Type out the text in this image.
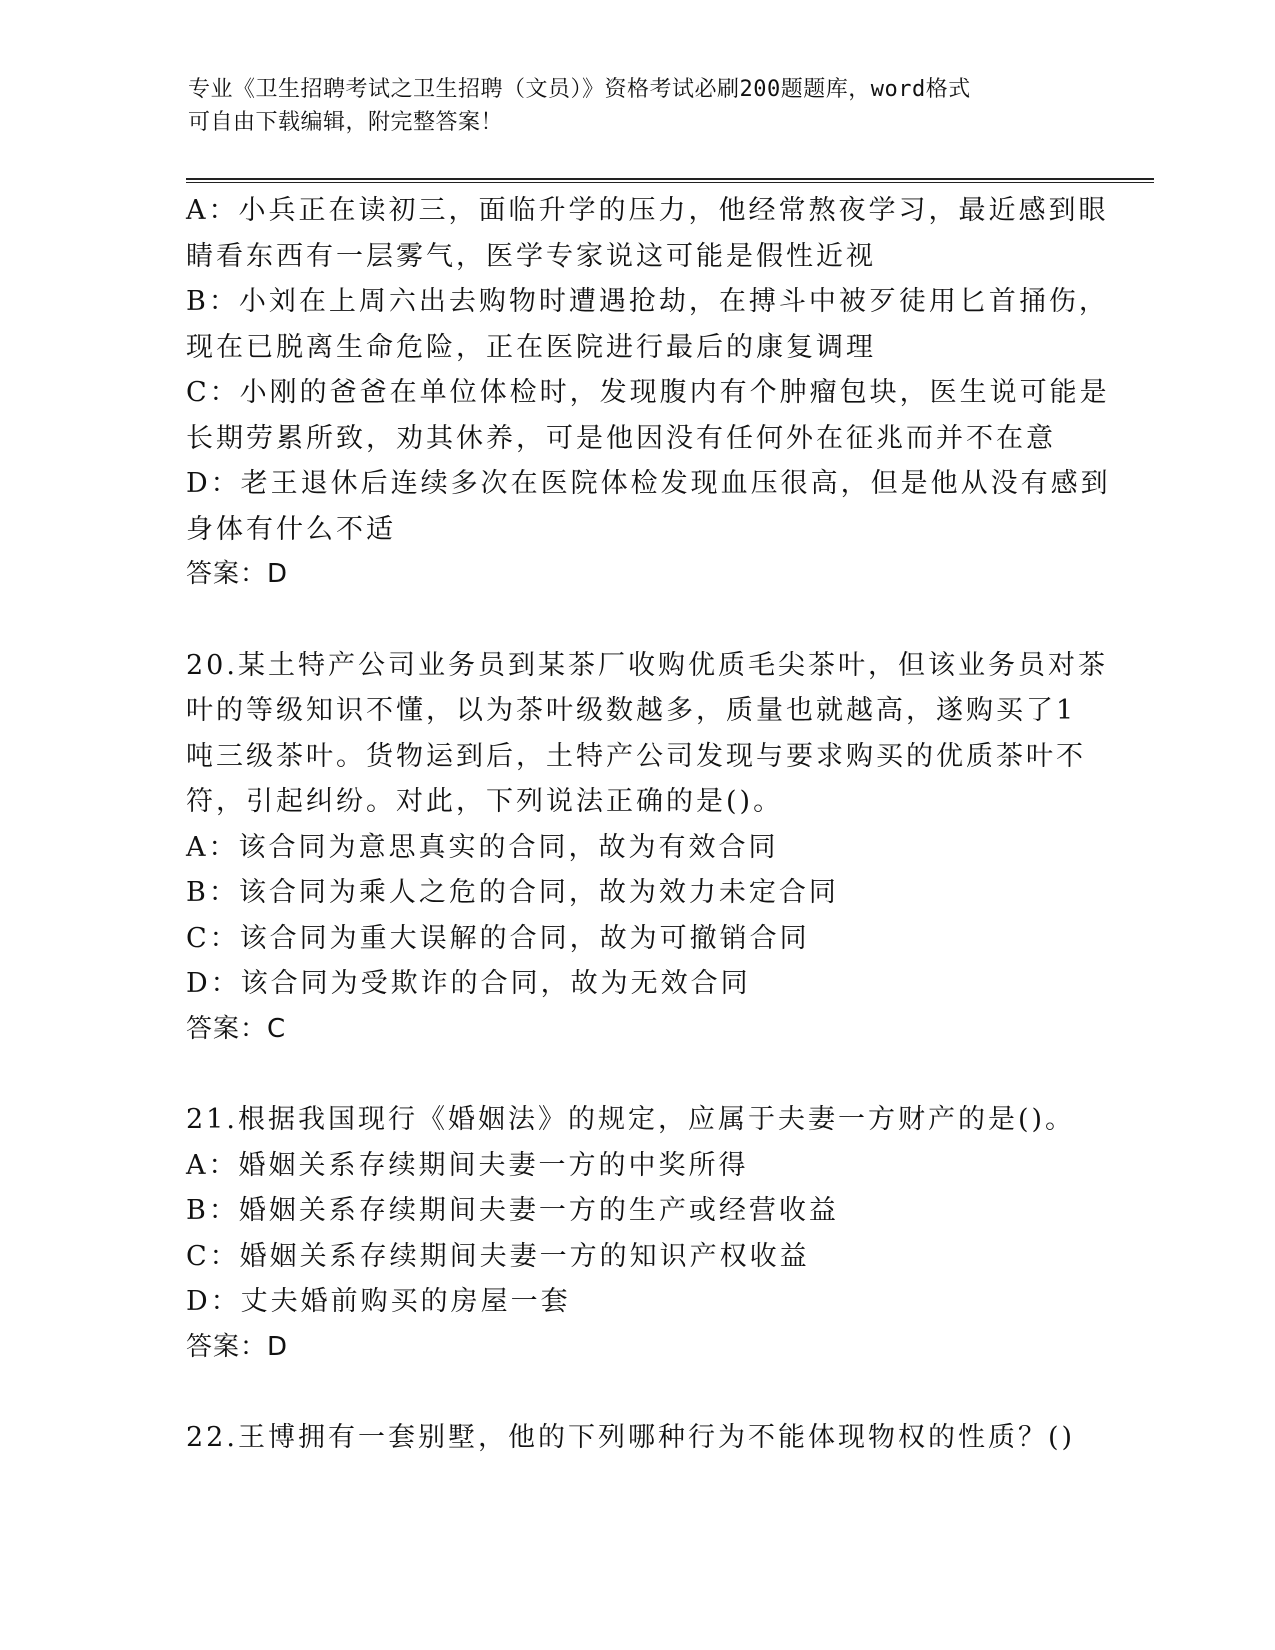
专业《卫生招聘考试之卫生招聘（文员）》资格考试必刷200题题库，word格式
可自由下载编辑，附完整答案！
A：小兵正在读初三，面临升学的压力，他经常熬夜学习，最近感到眼
睛看东西有一层雾气，医学专家说这可能是假性近视
B：小刘在上周六出去购物时遭遇抢劫，在搏斗中被歹徒用匕首捅伤，
现在已脱离生命危险，正在医院进行最后的康复调理
C：小刚的爸爸在单位体检时，发现腹内有个肿瘤包块，医生说可能是
长期劳累所致，劝其休养，可是他因没有任何外在征兆而并不在意
D：老王退休后连续多次在医院体检发现血压很高，但是他从没有感到
身体有什么不适
答案：D
20.某土特产公司业务员到某茶厂收购优质毛尖茶叶，但该业务员对茶
叶的等级知识不懂，以为茶叶级数越多，质量也就越高，遂购买了1
吨三级茶叶。货物运到后，土特产公司发现与要求购买的优质茶叶不
符，引起纠纷。对此，下列说法正确的是()。
A：该合同为意思真实的合同，故为有效合同
B：该合同为乘人之危的合同，故为效力未定合同
C：该合同为重大误解的合同，故为可撤销合同
D：该合同为受欺诈的合同，故为无效合同
答案：C
21.根据我国现行《婚姻法》的规定，应属于夫妻一方财产的是()。
A：婚姻关系存续期间夫妻一方的中奖所得
B：婚姻关系存续期间夫妻一方的生产或经营收益
C：婚姻关系存续期间夫妻一方的知识产权收益
D：丈夫婚前购买的房屋一套
答案：D
22.王博拥有一套别墅，他的下列哪种行为不能体现物权的性质？()
